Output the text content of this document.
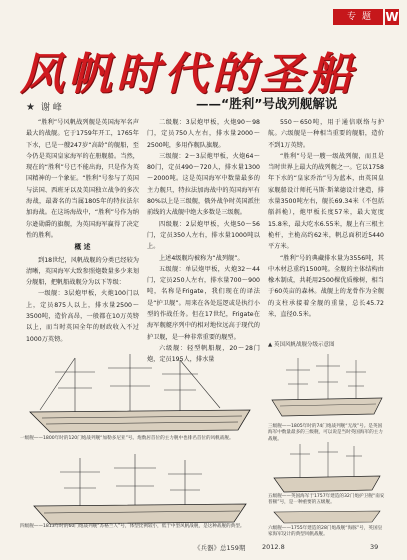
专题 W
风帆时代的圣船
★ 谢 峰	——“胜利”号战列舰解说

“胜利”号风帆战列舰是英国海军名声最大的战舰。它于1759年开工，1765年下水，已是一艘247岁“高龄”的舰船，至今仍是英国皇家海军的在册舰船。当然，现在的“胜利”号已不能出海，只是作为英国精神的一个象征。“胜利”号参与了英国与法国、西班牙以及美国独立战争的多次海战，最著名的当属1805年的特拉法尔加海战。在这场海战中，“胜利”号作为纳尔逊勋爵的旗舰，为英国海军赢得了决定性的胜利。

概 述

到18世纪，风帆战舰的分类已经较为清晰，英国海军大致参照炮数量多少来划分舰船，把帆船战舰分为以下等级：

一级舰：3层炮甲板，火炮100门以上，定员875人以上，排水量2500～3500吨，造价高昂，一般都在10万英镑以上，而当时英国全年的财政收入不过1000万英镑。

二级舰：3层炮甲板，火炮90～98门，定员750人左右，排水量2000～2500吨，多用作舰队旗舰。

三级舰：2～3层炮甲板，火炮64～80门，定员490～720人，排水量1300～2000吨。这是英国海军中数量最多的主力舰只，特拉法加海战中的英国海军有80%以上是三级舰，俄外战争时英国派往前线的大战舰中绝大多数是三级舰。

四级舰：2层炮甲板，火炮50～56门，定员350人左右，排水量1000吨以上。

上述4级舰均被称为“战列舰”。

五级舰：单层炮甲板，火炮32～44门，定员250人左右，排水量700～900吨，名称是Frigate，我们现在的译法是“护卫舰”。用来在各处巡逻或是执行小型的作战任务。但在17世纪，Frigate在海军舰艇序列中的相对地位远高于现代的护卫舰，是一种非常重要的舰型。

六级舰：轻型帆船舰，20～28门炮，定员195人，排水量

550～650吨，用于通信联络与护航。六级舰是一种相当重要的舰船，造价不到1万英镑。

“胜利”号是一艘一级战列舰，而且是当时世界上最大的战列舰之一。它以1758年下水的“皇家乔治”号为蓝本，由英国皇家舰船设计师托马斯·斯莱德设计建造，排水量3500吨左右，舰长69.34米（不包括艏斜桅），炮甲板长度57米，最大宽度15.8米，最大吃水6.55米，舰上有三根主桅杆，主桅高约62米，帆总面积近5440平方米。

“胜利”号的典藏排水量为3556吨，其中木材总重约1500吨。全舰的主体结构由橡木制成，共耗用2500棵优质橡树，相当于60英亩的森林。战舰上的龙骨作为全舰的支柱承接着全舰的重量，总长45.72米，直径0.5米。

▲ 英国风帆战舰分级示意图
一级舰——1800年时的120门炮战列舰“加勒多尼亚”号。炮数居首位的主力舰中也排名首位的风帆战舰。
三级舰——1805年时的74门炮战列舰“无敌”号。是英国海军中数量最多的三级舰，可以说是当时英国海军的主力战舰。
四级舰——1813年时的60门炮战列舰“苏格兰人”号，体型比例较小，低于中型风帆战舰，是这种战舰的典型。
五级舰——英国海军于1757年建造的32门炮护卫舰“南安普顿”号，是一种重要的五级舰。
六级舰——1755年建造的28门炮战舰“海豚”号，英国皇家海军设计的典型风帆战舰。
《兵器》总159期	2012.8	39
